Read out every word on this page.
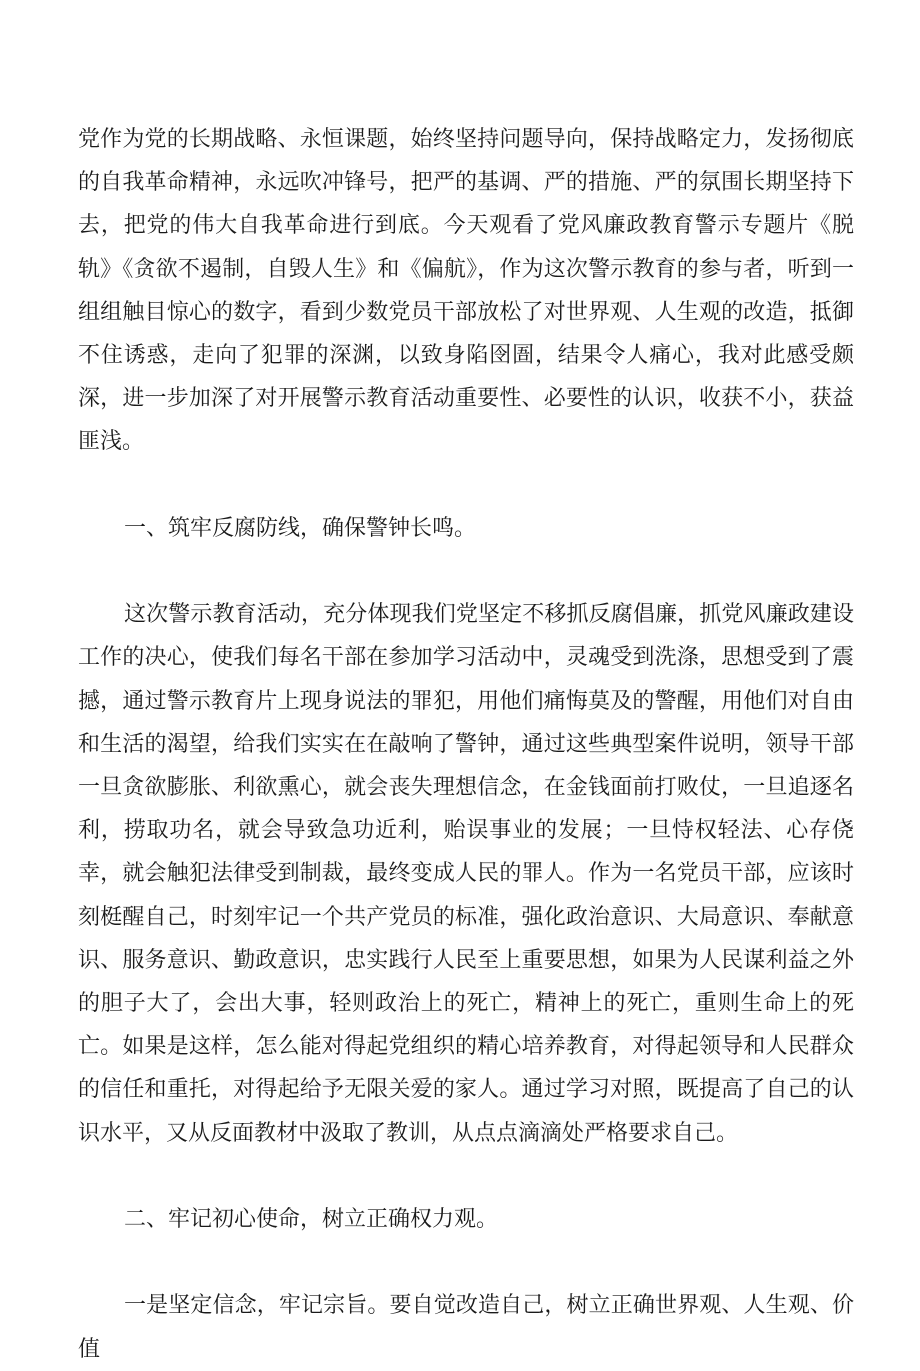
党作为党的长期战略、永恒课题，始终坚持问题导向，保持战略定力，发扬彻底的自我革命精神，永远吹冲锋号，把严的基调、严的措施、严的氛围长期坚持下去，把党的伟大自我革命进行到底。今天观看了党风廉政教育警示专题片《脱轨》《贪欲不遏制，自毁人生》和《偏航》，作为这次警示教育的参与者，听到一组组触目惊心的数字，看到少数党员干部放松了对世界观、人生观的改造，抵御不住诱惑，走向了犯罪的深渊，以致身陷囹圄，结果令人痛心，我对此感受颇深，进一步加深了对开展警示教育活动重要性、必要性的认识，收获不小，获益匪浅。

一、筑牢反腐防线，确保警钟长鸣。

这次警示教育活动，充分体现我们党坚定不移抓反腐倡廉，抓党风廉政建设工作的决心，使我们每名干部在参加学习活动中，灵魂受到洗涤，思想受到了震撼，通过警示教育片上现身说法的罪犯，用他们痛悔莫及的警醒，用他们对自由和生活的渴望，给我们实实在在敲响了警钟，通过这些典型案件说明，领导干部一旦贪欲膨胀、利欲熏心，就会丧失理想信念，在金钱面前打败仗，一旦追逐名利，捞取功名，就会导致急功近利，贻误事业的发展；一旦恃权轻法、心存侥幸，就会触犯法律受到制裁，最终变成人民的罪人。作为一名党员干部，应该时刻梃醒自己，时刻牢记一个共产党员的标准，强化政治意识、大局意识、奉献意识、服务意识、勤政意识，忠实践行人民至上重要思想，如果为人民谋利益之外的胆子大了，会出大事，轻则政治上的死亡，精神上的死亡，重则生命上的死亡。如果是这样，怎么能对得起党组织的精心培养教育，对得起领导和人民群众的信任和重托，对得起给予无限关爱的家人。通过学习对照，既提高了自己的认识水平，又从反面教材中汲取了教训，从点点滴滴处严格要求自己。

二、牢记初心使命，树立正确权力观。

一是坚定信念，牢记宗旨。要自觉改造自己，树立正确世界观、人生观、价值
